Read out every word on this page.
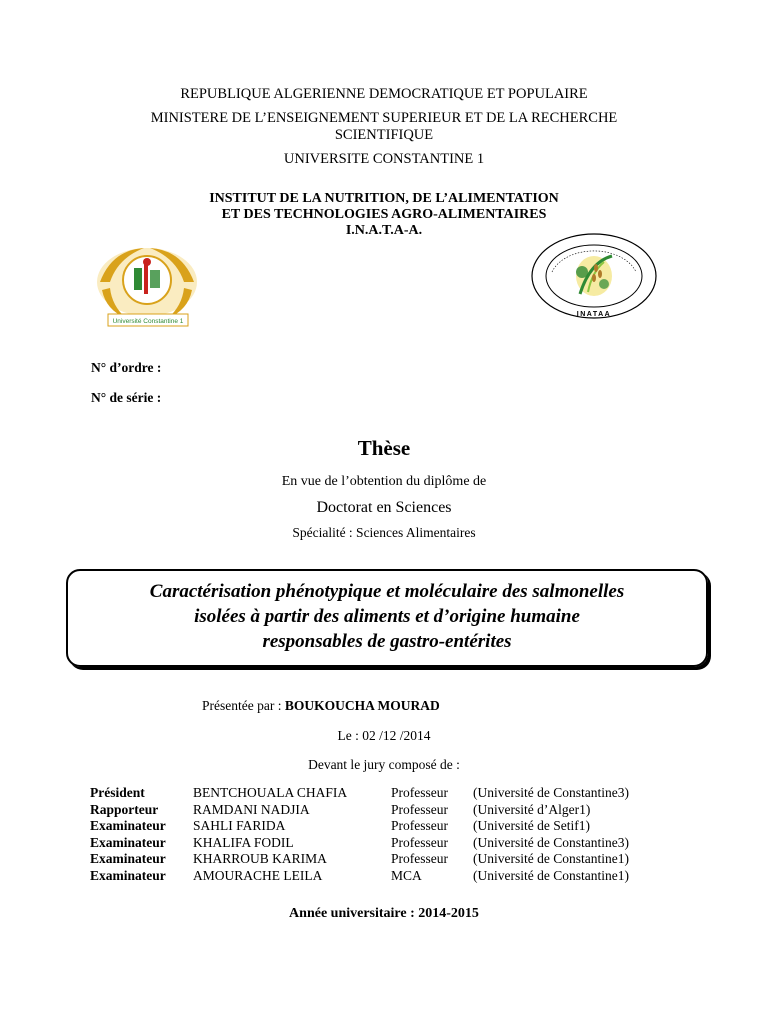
REPUBLIQUE ALGERIENNE DEMOCRATIQUE ET POPULAIRE
MINISTERE DE L’ENSEIGNEMENT SUPERIEUR ET DE LA RECHERCHE
SCIENTIFIQUE
UNIVERSITE CONSTANTINE 1
INSTITUT DE LA NUTRITION, DE L’ALIMENTATION
ET DES TECHNOLOGIES AGRO-ALIMENTAIRES
I.N.A.T.A-A.
Université Constantine 1
INATAA
N° d’ordre :
N° de série :
Thèse
En vue de l’obtention du diplôme de
Doctorat en Sciences
Spécialité : Sciences Alimentaires
Caractérisation phénotypique et moléculaire des salmonelles
isolées à partir des aliments et d’origine humaine
responsables de gastro-entérites
Présentée par : BOUKOUCHA MOURAD
Le : 02 /12 /2014
Devant le jury composé de :
Président	BENTCHOUALA CHAFIA	Professeur	(Université de Constantine3)
Rapporteur	RAMDANI NADJIA	Professeur	(Université d’Alger1)
Examinateur	SAHLI FARIDA	Professeur	(Université de Setif1)
Examinateur	KHALIFA FODIL	Professeur	(Université de Constantine3)
Examinateur	KHARROUB KARIMA	Professeur	(Université de Constantine1)
Examinateur	AMOURACHE LEILA	MCA	(Université de Constantine1)
Année universitaire : 2014-2015
